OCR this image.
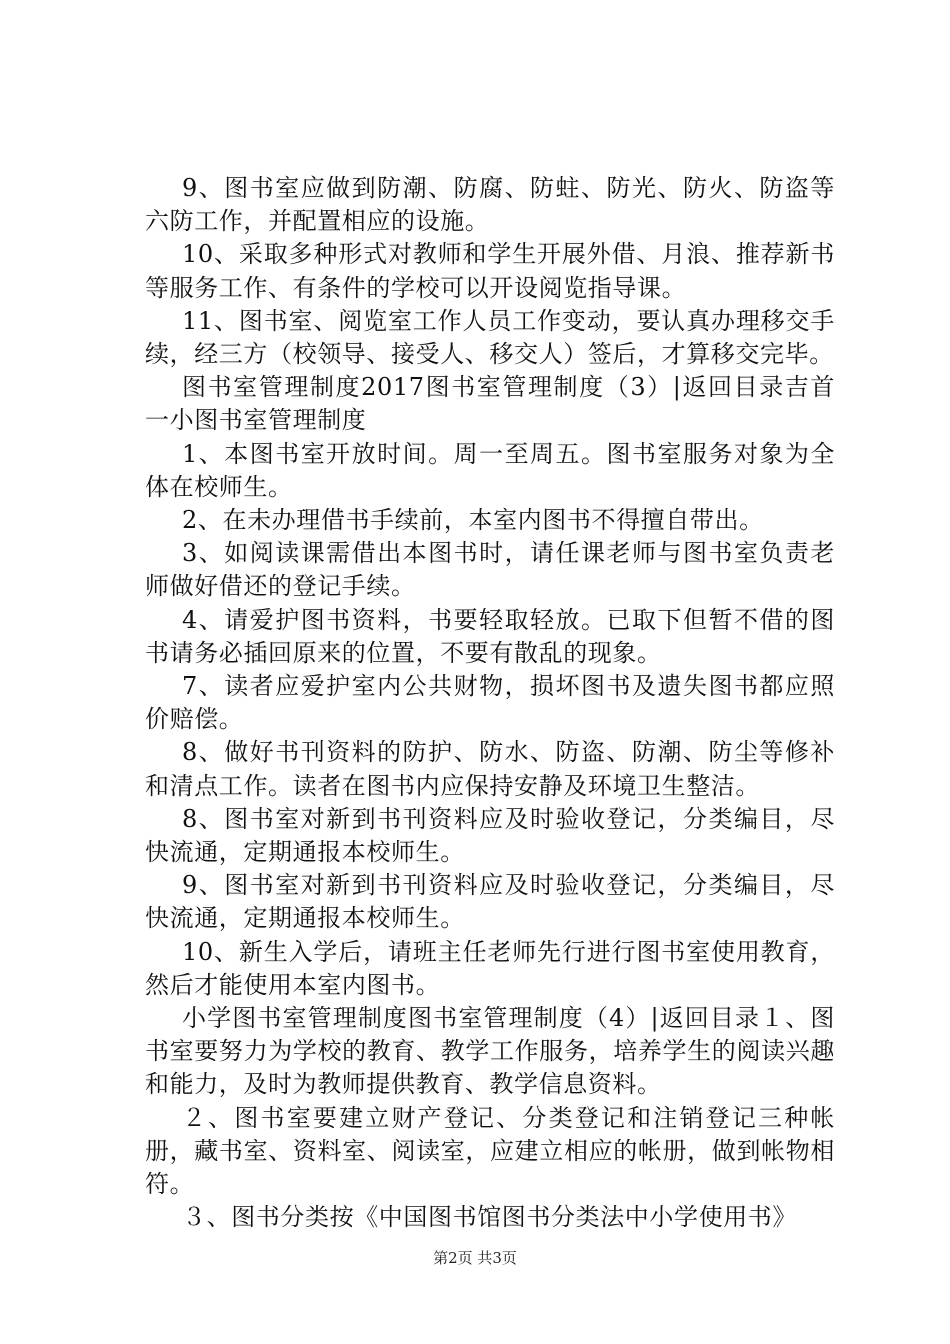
9、图书室应做到防潮、防腐、防蛀、防光、防火、防盗等六防工作，并配置相应的设施。

10、采取多种形式对教师和学生开展外借、月浪、推荐新书等服务工作、有条件的学校可以开设阅览指导课。

11、图书室、阅览室工作人员工作变动，要认真办理移交手续，经三方（校领导、接受人、移交人）签后，才算移交完毕。

图书室管理制度2017图书室管理制度（3）|返回目录吉首一小图书室管理制度

1、本图书室开放时间。周一至周五。图书室服务对象为全体在校师生。

2、在未办理借书手续前，本室内图书不得擅自带出。

3、如阅读课需借出本图书时，请任课老师与图书室负责老师做好借还的登记手续。

4、请爱护图书资料，书要轻取轻放。已取下但暂不借的图书请务必插回原来的位置，不要有散乱的现象。

7、读者应爱护室内公共财物，损坏图书及遗失图书都应照价赔偿。

8、做好书刊资料的防护、防水、防盗、防潮、防尘等修补和清点工作。读者在图书内应保持安静及环境卫生整洁。

8、图书室对新到书刊资料应及时验收登记，分类编目，尽快流通，定期通报本校师生。

9、图书室对新到书刊资料应及时验收登记，分类编目，尽快流通，定期通报本校师生。

10、新生入学后，请班主任老师先行进行图书室使用教育，然后才能使用本室内图书。

小学图书室管理制度图书室管理制度（4）|返回目录１、图书室要努力为学校的教育、教学工作服务，培养学生的阅读兴趣和能力，及时为教师提供教育、教学信息资料。

２、图书室要建立财产登记、分类登记和注销登记三种帐册，藏书室、资料室、阅读室，应建立相应的帐册，做到帐物相符。

３、图书分类按《中国图书馆图书分类法中小学使用书》

第2页 共3页
